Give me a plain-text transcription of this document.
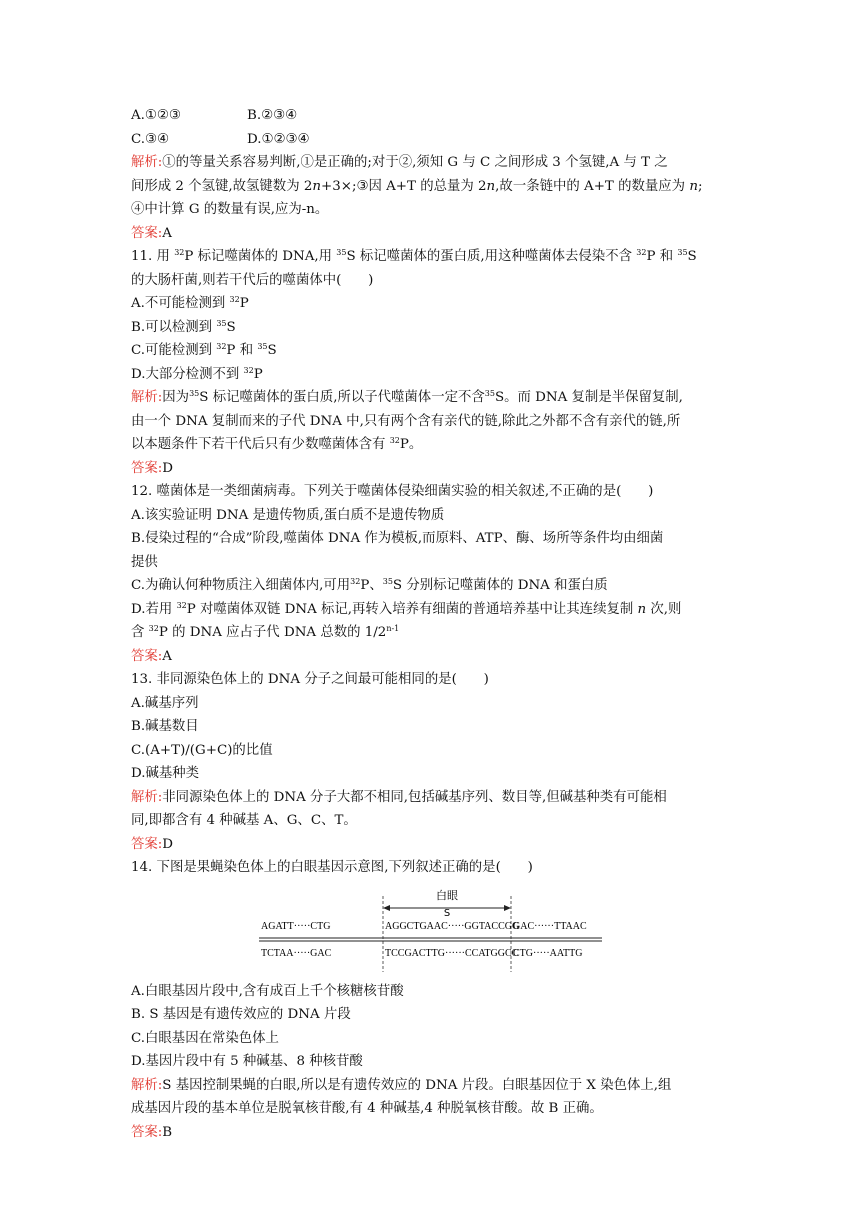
A.①②③	B.②③④
C.③④	D.①②③④
解析:①的等量关系容易判断,①是正确的;对于②,须知 G 与 C 之间形成 3 个氢键,A 与 T 之
间形成 2 个氢键,故氢键数为 2n+3×;③因 A+T 的总量为 2n,故一条链中的 A+T 的数量应为 n;
④中计算 G 的数量有误,应为-n。
答案:A
11. 用 $^{32}$P 标记噬菌体的 DNA,用 $^{35}$S 标记噬菌体的蛋白质,用这种噬菌体去侵染不含 $^{32}$P 和 $^{35}$S
的大肠杆菌,则若干代后的噬菌体中(　　)
A.不可能检测到 $^{32}$P
B.可以检测到 $^{35}$S
C.可能检测到 $^{32}$P 和 $^{35}$S
D.大部分检测不到 $^{32}$P
解析:因为$^{35}$S 标记噬菌体的蛋白质,所以子代噬菌体一定不含$^{35}$S。而 DNA 复制是半保留复制,
由一个 DNA 复制而来的子代 DNA 中,只有两个含有亲代的链,除此之外都不含有亲代的链,所
以本题条件下若干代后只有少数噬菌体含有 $^{32}$P。
答案:D
12. 噬菌体是一类细菌病毒。下列关于噬菌体侵染细菌实验的相关叙述,不正确的是(　　)
A.该实验证明 DNA 是遗传物质,蛋白质不是遗传物质
B.侵染过程的“合成”阶段,噬菌体 DNA 作为模板,而原料、ATP、酶、场所等条件均由细菌
提供
C.为确认何种物质注入细菌体内,可用$^{32}$P、$^{35}$S 分别标记噬菌体的 DNA 和蛋白质
D.若用 $^{32}$P 对噬菌体双链 DNA 标记,再转入培养有细菌的普通培养基中让其连续复制 n 次,则
含 $^{32}$P 的 DNA 应占子代 DNA 总数的 1/2$^{n-1}$
答案:A
13. 非同源染色体上的 DNA 分子之间最可能相同的是(　　)
A.碱基序列
B.碱基数目
C.(A+T)/(G+C)的比值
D.碱基种类
解析:非同源染色体上的 DNA 分子大都不相同,包括碱基序列、数目等,但碱基种类有可能相
同,即都含有 4 种碱基 A、G、C、T。
答案:D
14. 下图是果蝇染色体上的白眼基因示意图,下列叙述正确的是(　　)
白眼
S
AGATT·····CTG	AGGCTGAAC·····GGTACCGG
GAC······TTAAC
TCTAA·····GAC	TCCGACTTG······CCATGGCC
CTG·····AATTG
A.白眼基因片段中,含有成百上千个核糖核苷酸
B. S 基因是有遗传效应的 DNA 片段
C.白眼基因在常染色体上
D.基因片段中有 5 种碱基、8 种核苷酸
解析:S 基因控制果蝇的白眼,所以是有遗传效应的 DNA 片段。白眼基因位于 X 染色体上,组
成基因片段的基本单位是脱氧核苷酸,有 4 种碱基,4 种脱氧核苷酸。故 B 正确。
答案:B
